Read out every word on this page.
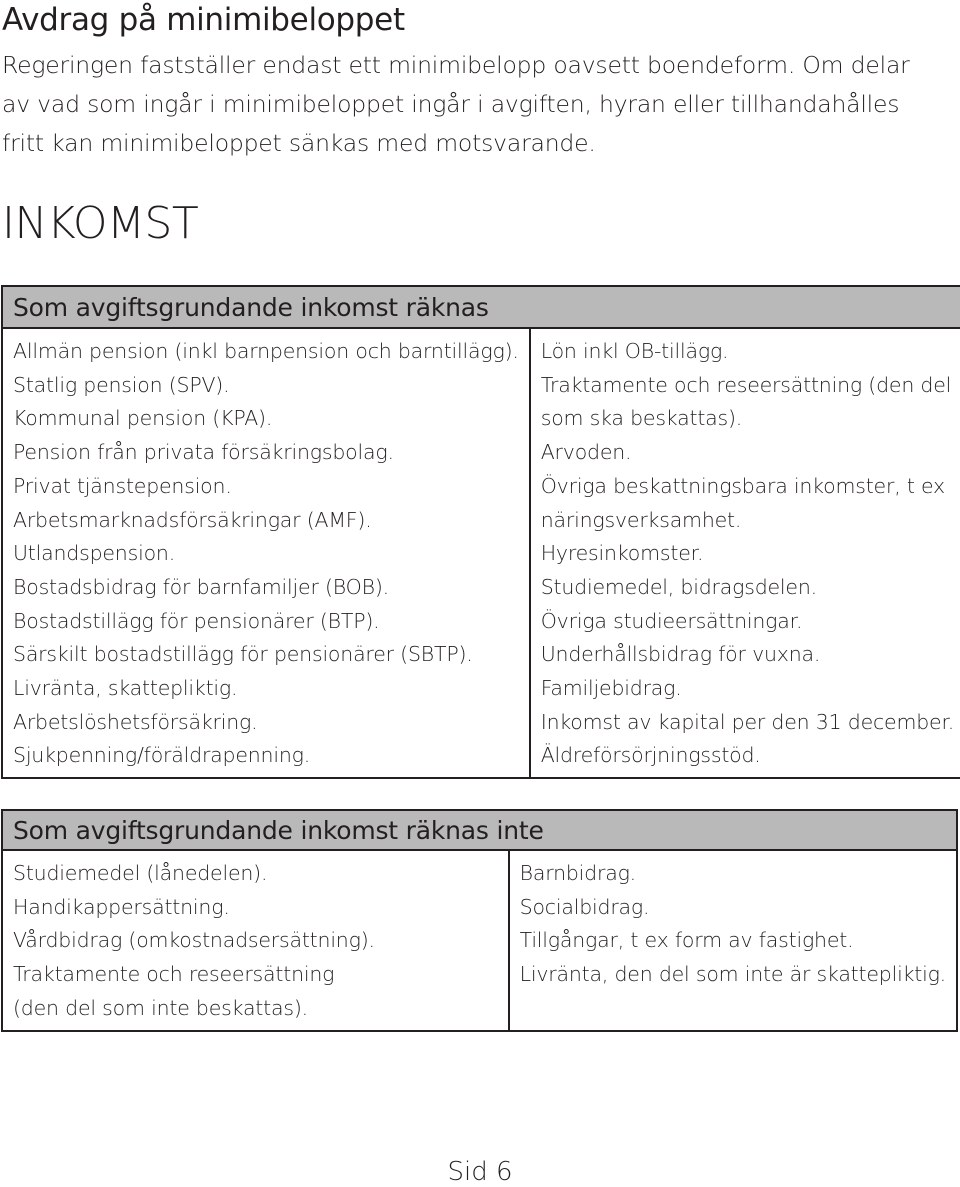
Avdrag på minimibeloppet
Regeringen fastställer endast ett minimibelopp oavsett boendeform. Om delar
av vad som ingår i minimibeloppet ingår i avgiften, hyran eller tillhandahålles
fritt kan minimibeloppet sänkas med motsvarande.
INKOMST
Som avgiftsgrundande inkomst räknas

Allmän pension (inkl barnpension och barntillägg).
Statlig pension (SPV).
Kommunal pension (KPA).
Pension från privata försäkringsbolag.
Privat tjänstepension.
Arbetsmarknadsförsäkringar (AMF).
Utlandspension.
Bostadsbidrag för barnfamiljer (BOB).
Bostadstillägg för pensionärer (BTP).
Särskilt bostadstillägg för pensionärer (SBTP).
Livränta, skattepliktig.
Arbetslöshetsförsäkring.
Sjukpenning/föräldrapenning.

Lön inkl OB-tillägg.
Traktamente och reseersättning (den del
som ska beskattas).
Arvoden.
Övriga beskattningsbara inkomster, t ex
näringsverksamhet.
Hyresinkomster.
Studiemedel, bidragsdelen.
Övriga studieersättningar.
Underhållsbidrag för vuxna.
Familjebidrag.
Inkomst av kapital per den 31 december.
Äldreförsörjningsstöd.
Som avgiftsgrundande inkomst räknas inte

Studiemedel (lånedelen).
Handikappersättning.
Vårdbidrag (omkostnadsersättning).
Traktamente och reseersättning
(den del som inte beskattas).

Barnbidrag.
Socialbidrag.
Tillgångar, t ex form av fastighet.
Livränta, den del som inte är skattepliktig.
Sid 6
